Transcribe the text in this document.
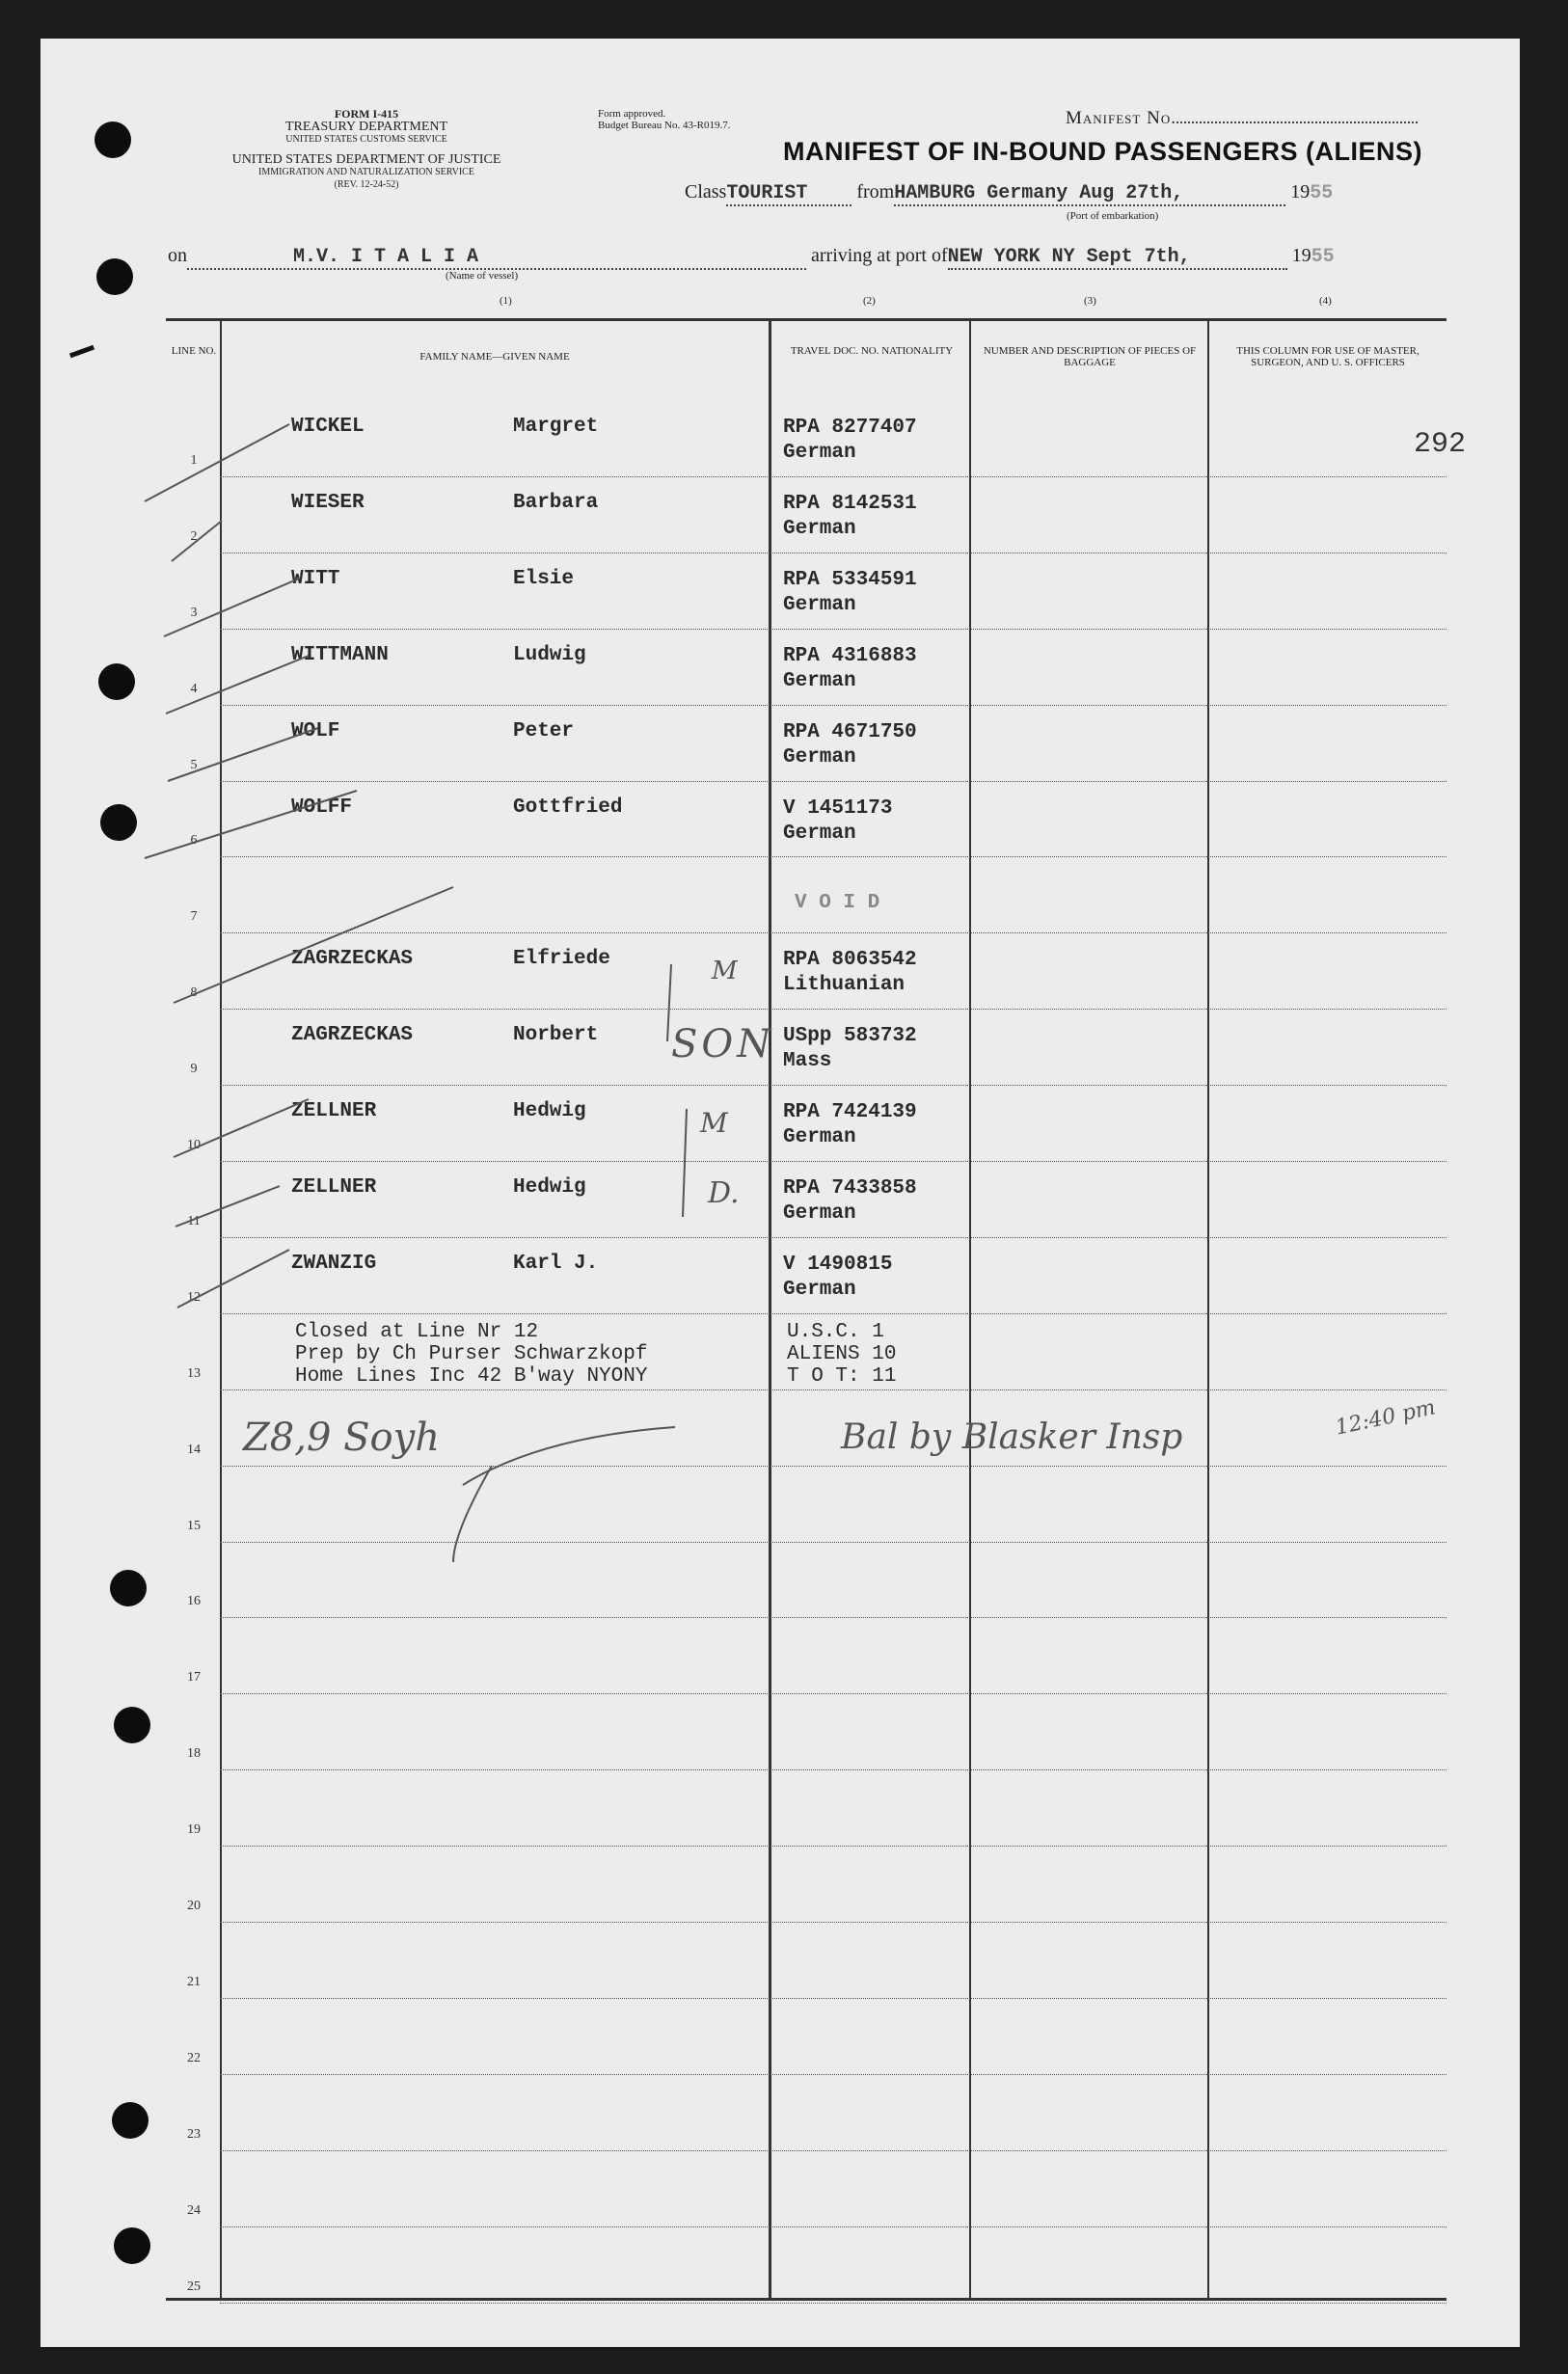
FORM I-415
TREASURY DEPARTMENT
UNITED STATES CUSTOMS SERVICE
UNITED STATES DEPARTMENT OF JUSTICE
IMMIGRATION AND NATURALIZATION SERVICE
(REV. 12-24-52)
Form approved.
Budget Bureau No. 43-R019.7.	Manifest No.
MANIFEST OF IN-BOUND PASSENGERS (ALIENS)
ClassTOURIST	fromHAMBURG Germany Aug 27th,	1955
(Port of embarkation)
on	M.V. I T A L I A	arriving at port ofNEW YORK NY Sept 7th,	1955
(Name of vessel)
(1)	(2)	(3)	(4)
LINE NO.	FAMILY NAME—GIVEN NAME	TRAVEL DOC. NO. NATIONALITY	NUMBER AND DESCRIPTION OF PIECES OF BAGGAGE
THIS COLUMN FOR USE OF MASTER, SURGEON, AND U. S. OFFICERS
292
1
WICKEL	Margret	RPA 8277407
German
2
WIESER	Barbara	RPA 8142531
German
3
WITT	Elsie	RPA 5334591
German
4
WITTMANN	Ludwig	RPA 4316883
German
5
WOLF	Peter	RPA 4671750
German
6
WOLFF	Gottfried	V 1451173
German
7
V O I D
8
ZAGRZECKAS	Elfriede	RPA 8063542
Lithuanian
9
ZAGRZECKAS	Norbert	USpp 583732
Mass
10
ZELLNER	Hedwig	RPA 7424139
German
11
ZELLNER	Hedwig	RPA 7433858
German
12
ZWANZIG	Karl J.	V 1490815
German
13
14
15
16
17
18
19
20
21
22
23
24
25
Closed at Line Nr 12
Prep by Ch Purser Schwarzkopf
Home Lines Inc 42 B'way NYONY
U.S.C. 1
ALIENS 10
T O T: 11
M
SON
M
D.
Z8,9 Soyh	Bal by Blasker Insp	12:40 pm
